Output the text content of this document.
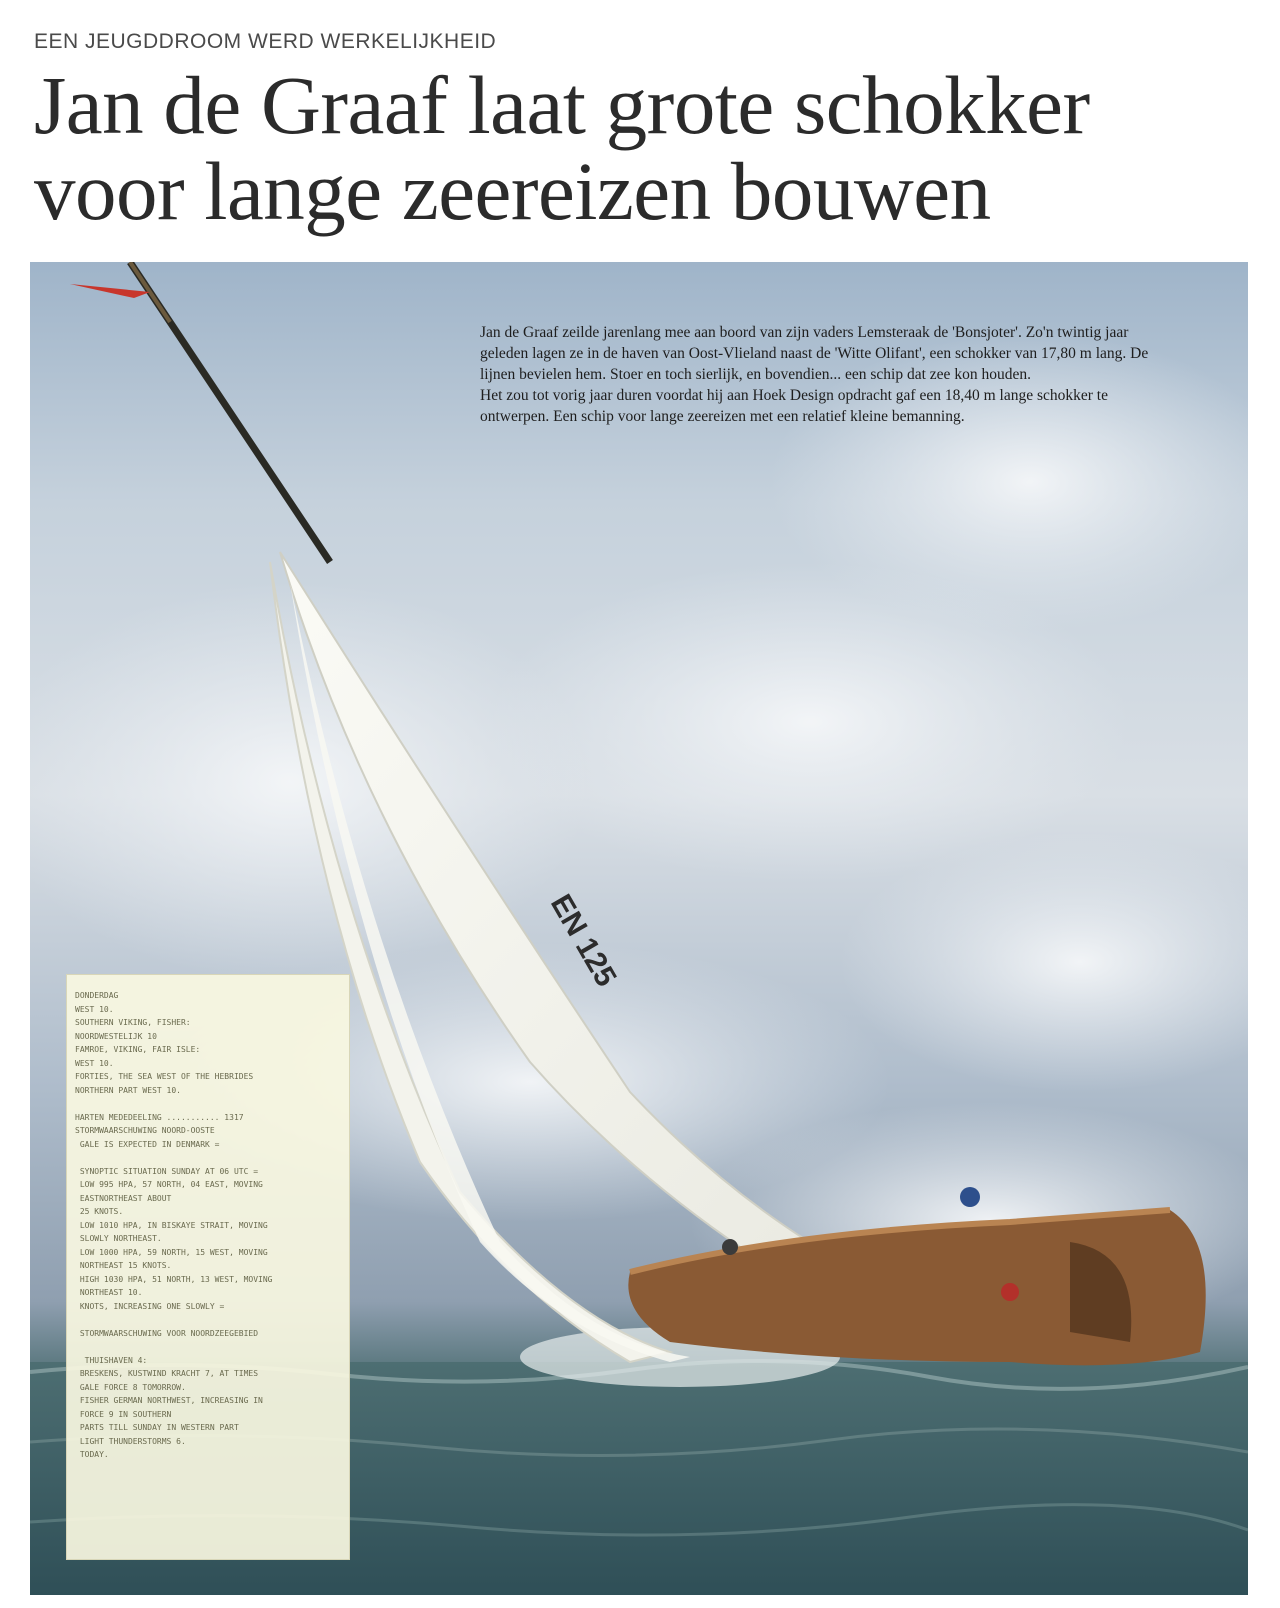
EEN JEUGDDROOM WERD WERKELIJKHEID
Jan de Graaf laat grote schokker
voor lange zeereizen bouwen
EN 125

Jan de Graaf zeilde jarenlang mee aan boord van zijn vaders Lemsteraak de 'Bonsjoter'. Zo'n twintig jaar geleden lagen ze in de haven van Oost-Vlieland naast de 'Witte Olifant', een schokker van 17,80 m lang. De lijnen bevielen hem. Stoer en toch sierlijk, en bovendien... een schip dat zee kon houden.

Het zou tot vorig jaar duren voordat hij aan Hoek Design opdracht gaf een 18,40 m lange schokker te ontwerpen. Een schip voor lange zeereizen met een relatief kleine bemanning.

DONDERDAG
WEST 10.
SOUTHERN VIKING, FISHER:
NOORDWESTELIJK 10
FAMROE, VIKING, FAIR ISLE:
WEST 10.
FORTIES, THE SEA WEST OF THE HEBRIDES
NORTHERN PART WEST 10.
HARTEN MEDEDEELING ........... 1317
STORMWAARSCHUWING NOORD-OOSTE
GALE IS EXPECTED IN DENMARK =
SYNOPTIC SITUATION SUNDAY AT 06 UTC =
LOW 995 HPA, 57 NORTH, 04 EAST, MOVING
EASTNORTHEAST ABOUT
25 KNOTS.
LOW 1010 HPA, IN BISKAYE STRAIT, MOVING
SLOWLY NORTHEAST.
LOW 1000 HPA, 59 NORTH, 15 WEST, MOVING
NORTHEAST 15 KNOTS.
HIGH 1030 HPA, 51 NORTH, 13 WEST, MOVING
NORTHEAST 10.
KNOTS, INCREASING ONE SLOWLY =
STORMWAARSCHUWING VOOR NOORDZEEGEBIED
THUISHAVEN 4:
BRESKENS, KUSTWIND KRACHT 7, AT TIMES
GALE FORCE 8 TOMORROW.
FISHER GERMAN NORTHWEST, INCREASING IN
FORCE 9 IN SOUTHERN
PARTS TILL SUNDAY IN WESTERN PART
LIGHT THUNDERSTORMS 6.
TODAY.
